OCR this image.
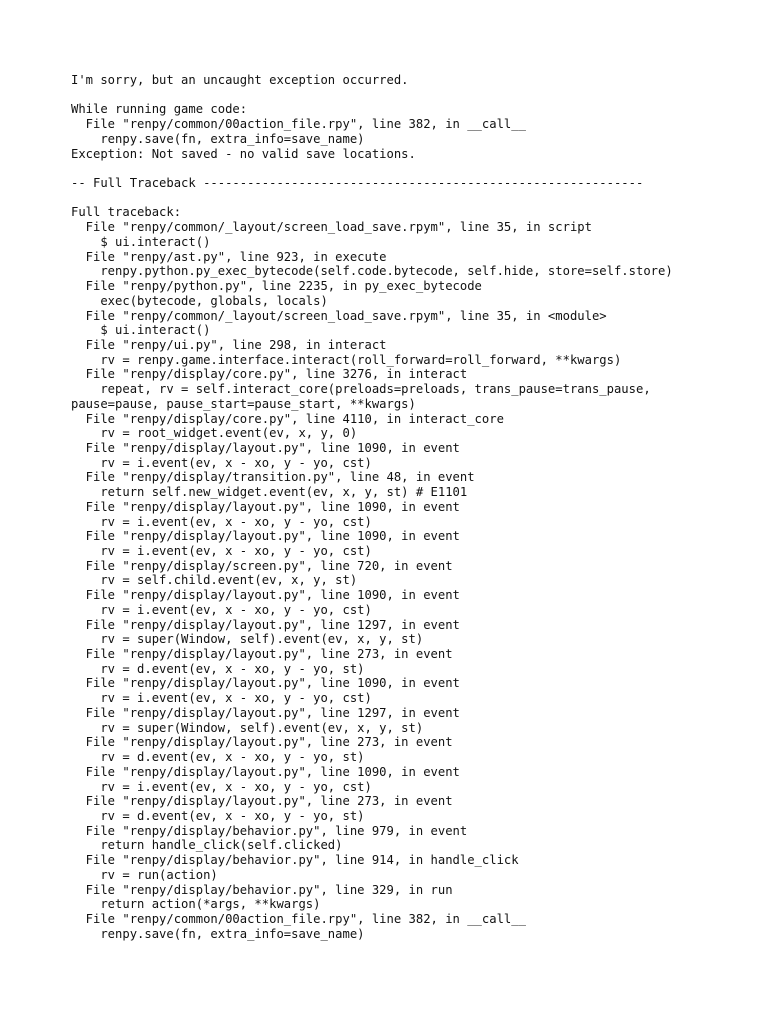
I'm sorry, but an uncaught exception occurred.

While running game code:
File "renpy/common/00action_file.rpy", line 382, in __call__
renpy.save(fn, extra_info=save_name)
Exception: Not saved - no valid save locations.

-- Full Traceback ------------------------------------------------------------

Full traceback:
File "renpy/common/_layout/screen_load_save.rpym", line 35, in script
$ ui.interact()
File "renpy/ast.py", line 923, in execute
renpy.python.py_exec_bytecode(self.code.bytecode, self.hide, store=self.store)
File "renpy/python.py", line 2235, in py_exec_bytecode
exec(bytecode, globals, locals)
File "renpy/common/_layout/screen_load_save.rpym", line 35, in <module>
$ ui.interact()
File "renpy/ui.py", line 298, in interact
rv = renpy.game.interface.interact(roll_forward=roll_forward, **kwargs)
File "renpy/display/core.py", line 3276, in interact
repeat, rv = self.interact_core(preloads=preloads, trans_pause=trans_pause,
pause=pause, pause_start=pause_start, **kwargs)
File "renpy/display/core.py", line 4110, in interact_core
rv = root_widget.event(ev, x, y, 0)
File "renpy/display/layout.py", line 1090, in event
rv = i.event(ev, x - xo, y - yo, cst)
File "renpy/display/transition.py", line 48, in event
return self.new_widget.event(ev, x, y, st) # E1101
File "renpy/display/layout.py", line 1090, in event
rv = i.event(ev, x - xo, y - yo, cst)
File "renpy/display/layout.py", line 1090, in event
rv = i.event(ev, x - xo, y - yo, cst)
File "renpy/display/screen.py", line 720, in event
rv = self.child.event(ev, x, y, st)
File "renpy/display/layout.py", line 1090, in event
rv = i.event(ev, x - xo, y - yo, cst)
File "renpy/display/layout.py", line 1297, in event
rv = super(Window, self).event(ev, x, y, st)
File "renpy/display/layout.py", line 273, in event
rv = d.event(ev, x - xo, y - yo, st)
File "renpy/display/layout.py", line 1090, in event
rv = i.event(ev, x - xo, y - yo, cst)
File "renpy/display/layout.py", line 1297, in event
rv = super(Window, self).event(ev, x, y, st)
File "renpy/display/layout.py", line 273, in event
rv = d.event(ev, x - xo, y - yo, st)
File "renpy/display/layout.py", line 1090, in event
rv = i.event(ev, x - xo, y - yo, cst)
File "renpy/display/layout.py", line 273, in event
rv = d.event(ev, x - xo, y - yo, st)
File "renpy/display/behavior.py", line 979, in event
return handle_click(self.clicked)
File "renpy/display/behavior.py", line 914, in handle_click
rv = run(action)
File "renpy/display/behavior.py", line 329, in run
return action(*args, **kwargs)
File "renpy/common/00action_file.rpy", line 382, in __call__
renpy.save(fn, extra_info=save_name)
